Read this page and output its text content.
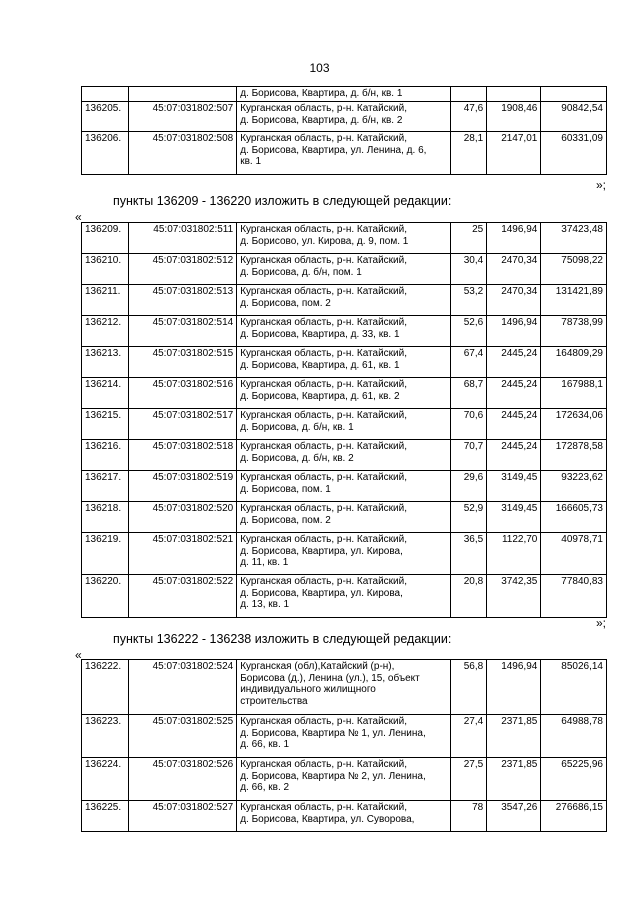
103

		д. Борисова, Квартира, д. б/н, кв. 1			

136205.	45:07:031802:507	Курганская область, р-н. Катайский,
д. Борисова, Квартира, д. б/н, кв. 2	47,6	1908,46	90842,54
136206.	45:07:031802:508	Курганская область, р-н. Катайский,
д. Борисова, Квартира, ул. Ленина, д. 6,
кв. 1	28,1	2147,01	60331,09
»;
пункты 136209 - 136220 изложить в следующей редакции:
«
136209.	45:07:031802:511	Курганская область, р-н. Катайский,
д. Борисово, ул. Кирова, д. 9, пом. 1	25	1496,94	37423,48
136210.	45:07:031802:512	Курганская область, р-н. Катайский,
д. Борисова, д. б/н, пом. 1	30,4	2470,34	75098,22
136211.	45:07:031802:513	Курганская область, р-н. Катайский,
д. Борисова, пом. 2	53,2	2470,34	131421,89
136212.	45:07:031802:514	Курганская область, р-н. Катайский,
д. Борисова, Квартира, д. 33, кв. 1	52,6	1496,94	78738,99
136213.	45:07:031802:515	Курганская область, р-н. Катайский,
д. Борисова, Квартира, д. 61, кв. 1	67,4	2445,24	164809,29
136214.	45:07:031802:516	Курганская область, р-н. Катайский,
д. Борисова, Квартира, д. 61, кв. 2	68,7	2445,24	167988,1
136215.	45:07:031802:517	Курганская область, р-н. Катайский,
д. Борисова, д. б/н, кв. 1	70,6	2445,24	172634,06
136216.	45:07:031802:518	Курганская область, р-н. Катайский,
д. Борисова, д. б/н, кв. 2	70,7	2445,24	172878,58
136217.	45:07:031802:519	Курганская область, р-н. Катайский,
д. Борисова, пом. 1	29,6	3149,45	93223,62
136218.	45:07:031802:520	Курганская область, р-н. Катайский,
д. Борисова, пом. 2	52,9	3149,45	166605,73
136219.	45:07:031802:521	Курганская область, р-н. Катайский,
д. Борисова, Квартира, ул. Кирова,
д. 11, кв. 1	36,5	1122,70	40978,71
136220.	45:07:031802:522	Курганская область, р-н. Катайский,
д. Борисова, Квартира, ул. Кирова,
д. 13, кв. 1	20,8	3742,35	77840,83
»;
пункты 136222 - 136238 изложить в следующей редакции:
«
136222.	45:07:031802:524	Курганская (обл),Катайский (р-н),
Борисова (д.), Ленина (ул.), 15, объект
индивидуального жилищного
строительства	56,8	1496,94	85026,14
136223.	45:07:031802:525	Курганская область, р-н. Катайский,
д. Борисова, Квартира № 1, ул. Ленина,
д. 66, кв. 1	27,4	2371,85	64988,78
136224.	45:07:031802:526	Курганская область, р-н. Катайский,
д. Борисова, Квартира № 2, ул. Ленина,
д. 66, кв. 2	27,5	2371,85	65225,96
136225.	45:07:031802:527	Курганская область, р-н. Катайский,
д. Борисова, Квартира, ул. Суворова,	78	3547,26	276686,15
